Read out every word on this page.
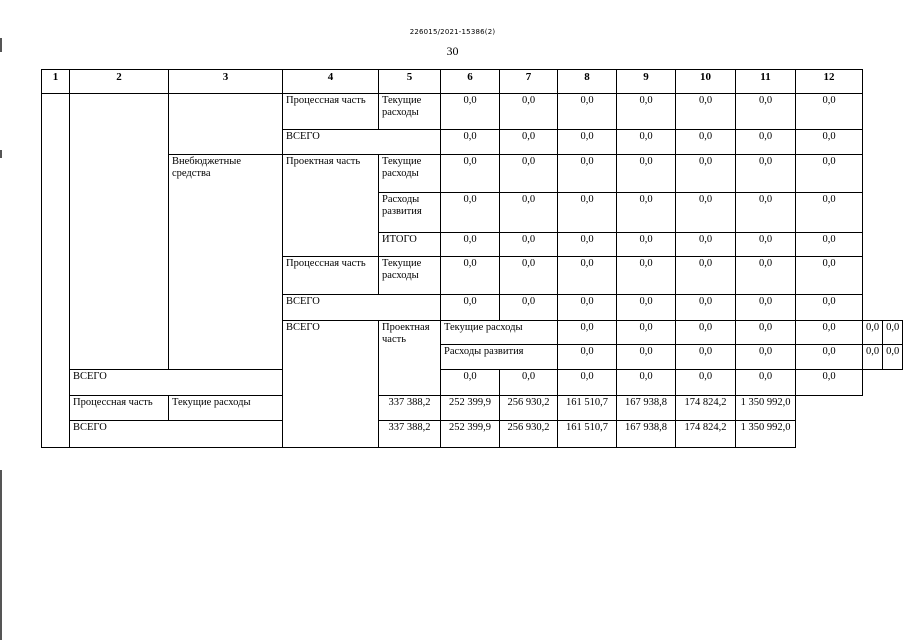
226015/2021-15386(2)
30
1	2	3	4	5	6	7	8	9	10	11	12		
			Процессная часть	Текущие расходы	0,0	0,0	0,0	0,0	0,0	0,0	0,0		
			ВСЕГО		0,0	0,0	0,0	0,0	0,0	0,0	0,0		
		Внебюджетные средства	Проектная часть	Текущие расходы	0,0	0,0	0,0	0,0	0,0	0,0	0,0		
				Расходы развития	0,0	0,0	0,0	0,0	0,0	0,0	0,0		
				ИТОГО	0,0	0,0	0,0	0,0	0,0	0,0	0,0		
			Процессная часть	Текущие расходы	0,0	0,0	0,0	0,0	0,0	0,0	0,0		
			ВСЕГО		0,0	0,0	0,0	0,0	0,0	0,0	0,0		
			ВСЕГО	Проектная часть	Текущие расходы		0,0	0,0	0,0	0,0	0,0	0,0	0,0
					Расходы развития		0,0	0,0	0,0	0,0	0,0	0,0	0,0
	ВСЕГО				0,0	0,0	0,0	0,0	0,0	0,0	0,0		
	Процессная часть	Текущие расходы		337 388,2	252 399,9	256 930,2	161 510,7	167 938,8	174 824,2	1 350 992,0			
	ВСЕГО			337 388,2	252 399,9	256 930,2	161 510,7	167 938,8	174 824,2	1 350 992,0			
